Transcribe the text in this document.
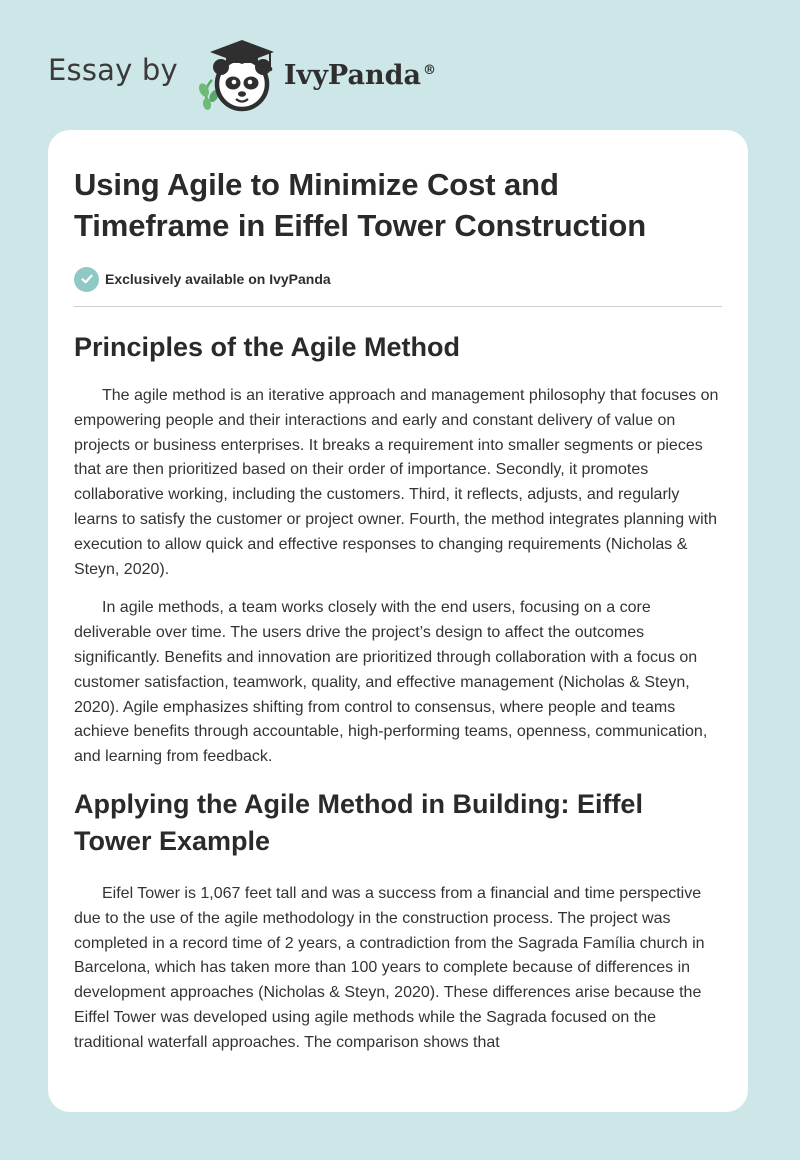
Essay by	IvyPanda ®
Using Agile to Minimize Cost and Timeframe in Eiffel Tower Construction
Exclusively available on IvyPanda
Principles of the Agile Method

The agile method is an iterative approach and management philosophy that focuses on empowering people and their interactions and early and constant delivery of value on projects or business enterprises. It breaks a requirement into smaller segments or pieces that are then prioritized based on their order of importance. Secondly, it promotes collaborative working, including the customers. Third, it reflects, adjusts, and regularly learns to satisfy the customer or project owner. Fourth, the method integrates planning with execution to allow quick and effective responses to changing requirements (Nicholas & Steyn, 2020).

In agile methods, a team works closely with the end users, focusing on a core deliverable over time. The users drive the project’s design to affect the outcomes significantly. Benefits and innovation are prioritized through collaboration with a focus on customer satisfaction, teamwork, quality, and effective management (Nicholas & Steyn, 2020). Agile emphasizes shifting from control to consensus, where people and teams achieve benefits through accountable, high-performing teams, openness, communication, and learning from feedback.

Applying the Agile Method in Building: Eiffel Tower Example

Eifel Tower is 1,067 feet tall and was a success from a financial and time perspective due to the use of the agile methodology in the construction process. The project was completed in a record time of 2 years, a contradiction from the Sagrada Família church in Barcelona, which has taken more than 100 years to complete because of differences in development approaches (Nicholas & Steyn, 2020). These differences arise because the Eiffel Tower was developed using agile methods while the Sagrada focused on the traditional waterfall approaches. The comparison shows that
